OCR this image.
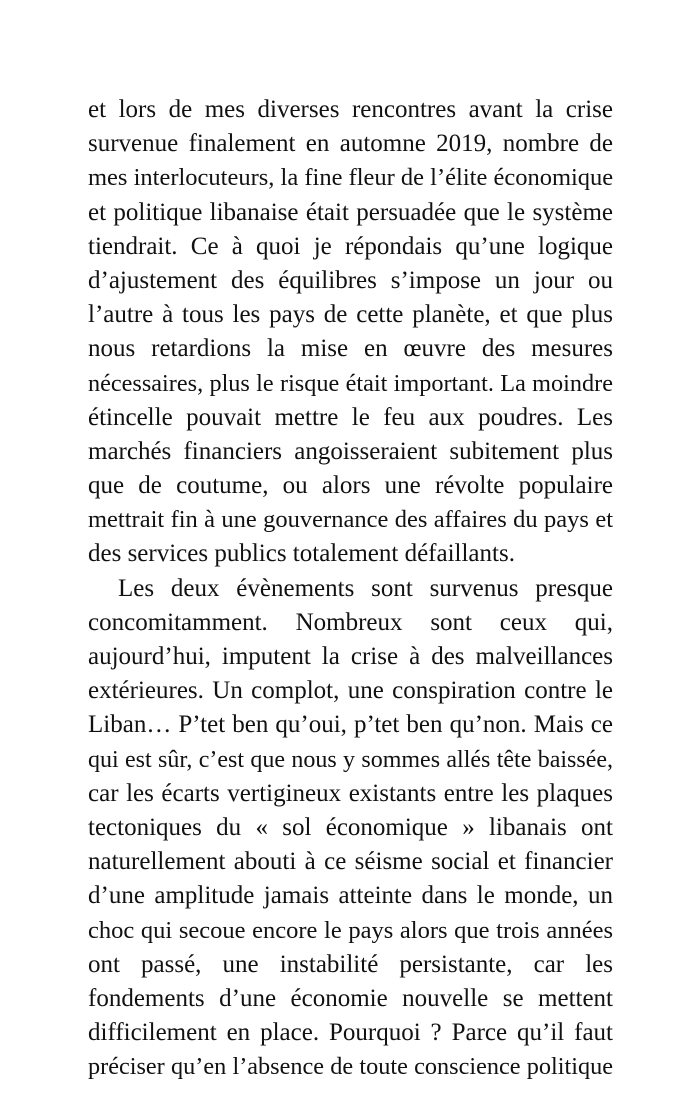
et lors de mes diverses rencontres avant la crise
survenue finalement en automne 2019, nombre de
mes interlocuteurs, la fine fleur de l’élite économique
et politique libanaise était persuadée que le système
tiendrait. Ce à quoi je répondais qu’une logique
d’ajustement des équilibres s’impose un jour ou
l’autre à tous les pays de cette planète, et que plus
nous retardions la mise en œuvre des mesures
nécessaires, plus le risque était important. La moindre
étincelle pouvait mettre le feu aux poudres. Les
marchés financiers angoisseraient subitement plus
que de coutume, ou alors une révolte populaire
mettrait fin à une gouvernance des affaires du pays et
des services publics totalement défaillants.
Les deux évènements sont survenus presque
concomitamment. Nombreux sont ceux qui,
aujourd’hui, imputent la crise à des malveillances
extérieures. Un complot, une conspiration contre le
Liban… P’tet ben qu’oui, p’tet ben qu’non. Mais ce
qui est sûr, c’est que nous y sommes allés tête baissée,
car les écarts vertigineux existants entre les plaques
tectoniques du « sol économique » libanais ont
naturellement abouti à ce séisme social et financier
d’une amplitude jamais atteinte dans le monde, un
choc qui secoue encore le pays alors que trois années
ont passé, une instabilité persistante, car les
fondements d’une économie nouvelle se mettent
difficilement en place. Pourquoi ? Parce qu’il faut
préciser qu’en l’absence de toute conscience politique
